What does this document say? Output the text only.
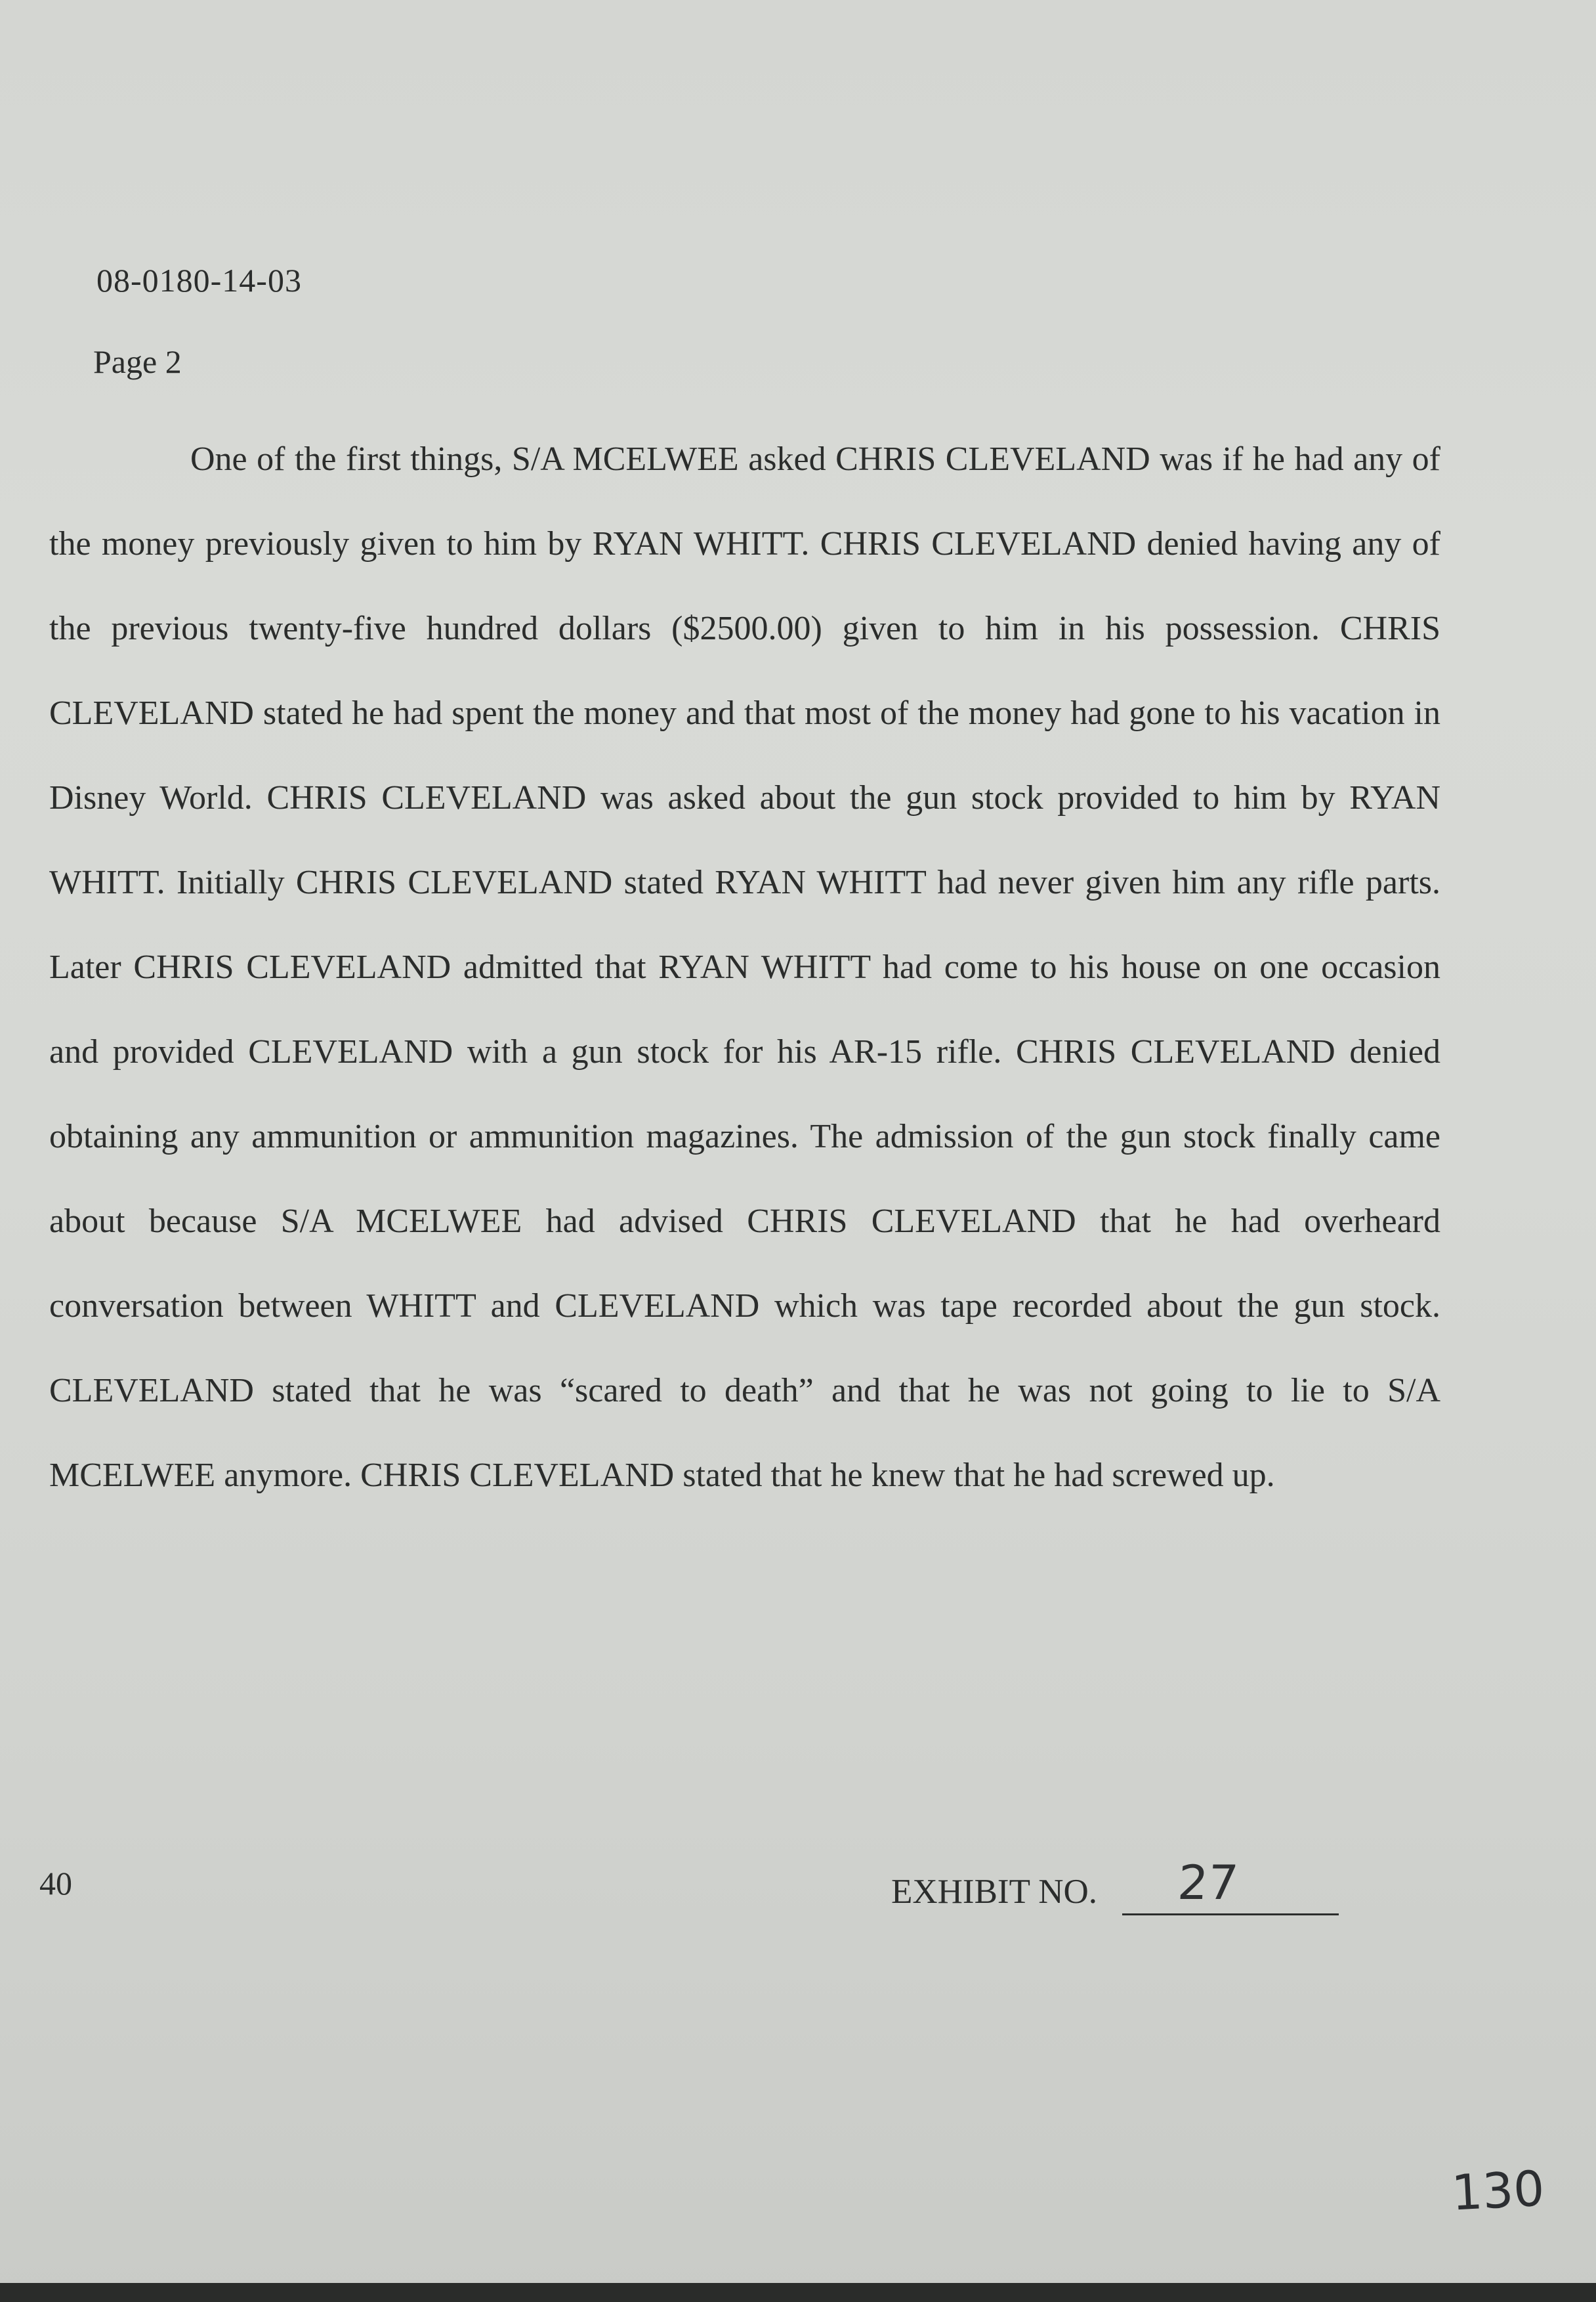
08-0180-14-03
Page 2

One of the first things, S/A MCELWEE asked CHRIS CLEVELAND was if he had any of the money previously given to him by RYAN WHITT. CHRIS CLEVELAND denied having any of the previous twenty-five hundred dollars ($2500.00) given to him in his possession. CHRIS CLEVELAND stated he had spent the money and that most of the money had gone to his vacation in Disney World. CHRIS CLEVELAND was asked about the gun stock provided to him by RYAN WHITT. Initially CHRIS CLEVELAND stated RYAN WHITT had never given him any rifle parts. Later CHRIS CLEVELAND admitted that RYAN WHITT had come to his house on one occasion and provided CLEVELAND with a gun stock for his AR-15 rifle. CHRIS CLEVELAND denied obtaining any ammunition or ammunition magazines. The admission of the gun stock finally came about because S/A MCELWEE had advised CHRIS CLEVELAND that he had overheard conversation between WHITT and CLEVELAND which was tape recorded about the gun stock. CLEVELAND stated that he was “scared to death” and that he was not going to lie to S/A MCELWEE anymore. CHRIS CLEVELAND stated that he knew that he had screwed up.

40	EXHIBIT NO. 27
130
